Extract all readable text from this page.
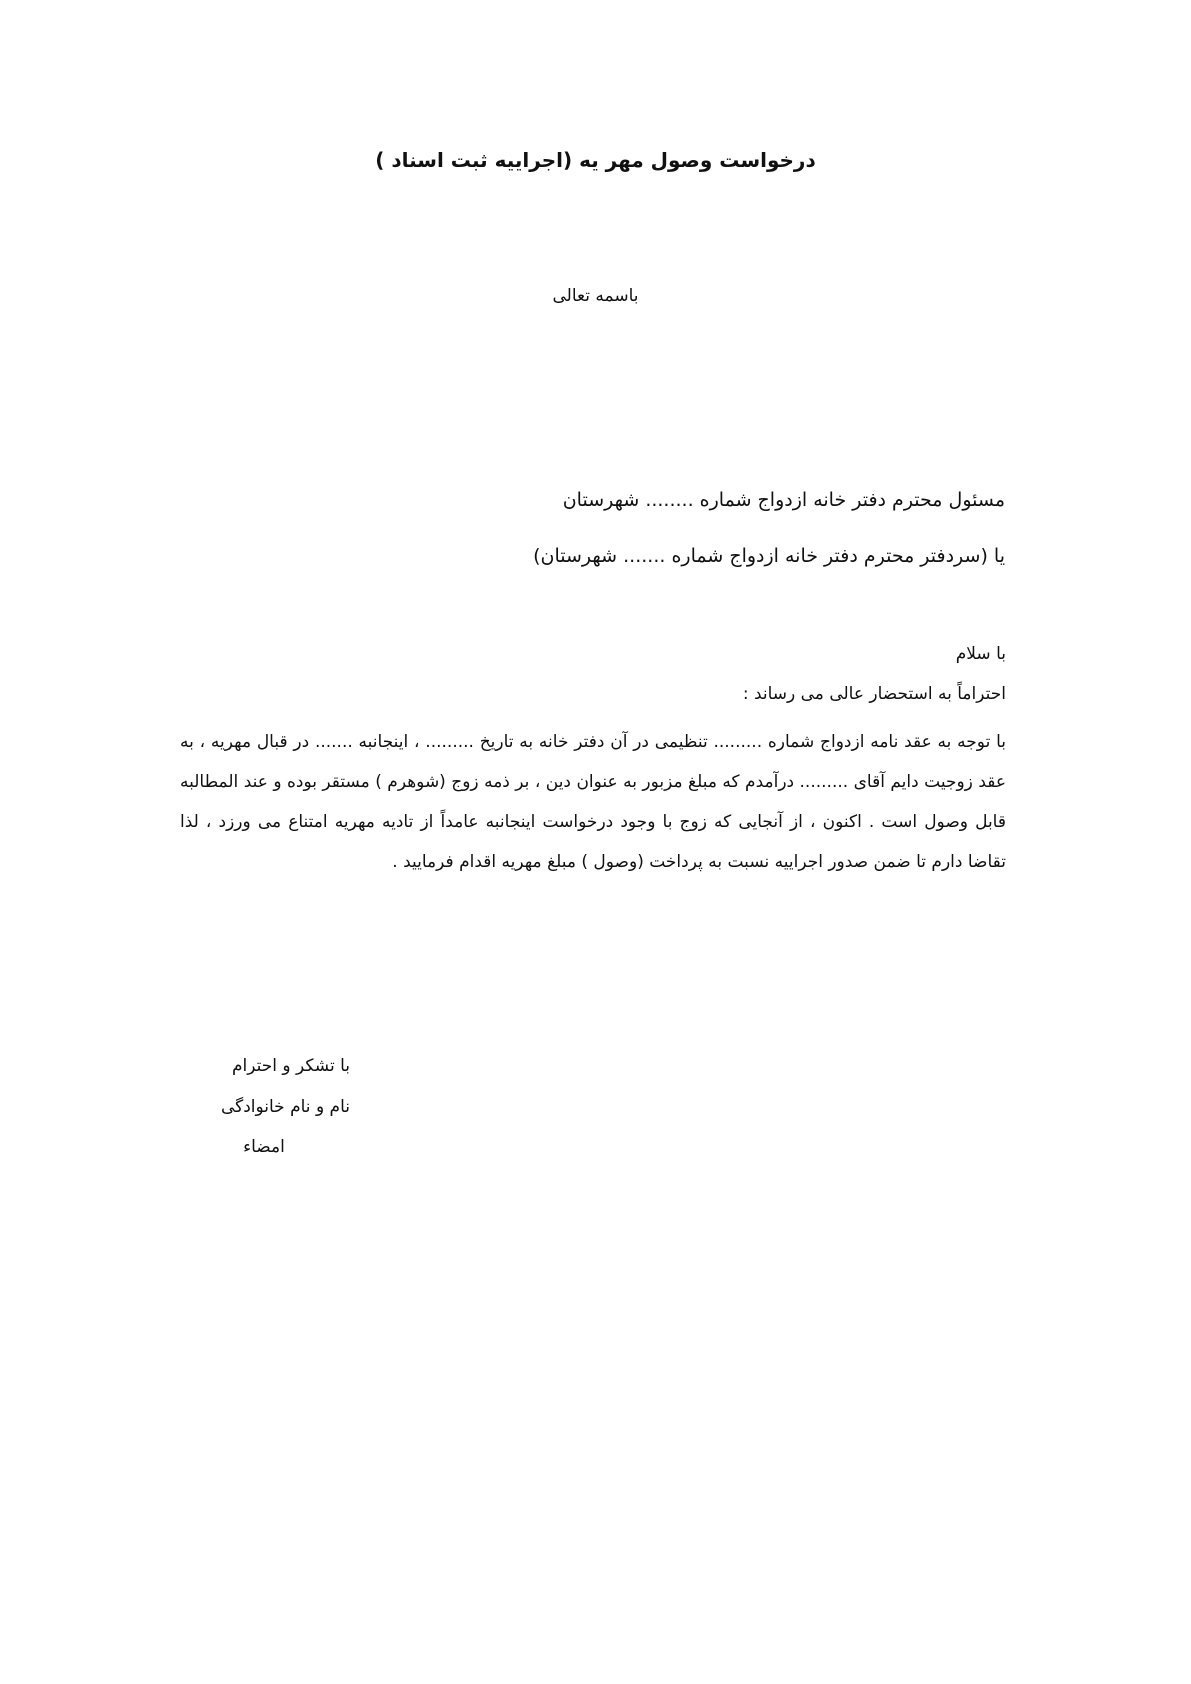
درخواست وصول مهر یه (اجراییه ثبت اسناد )
باسمه تعالی
مسئول محترم دفتر خانه ازدواج شماره ........ شهرستان
یا (سردفتر محترم دفتر خانه ازدواج شماره ....... شهرستان)
با سلام
احتراماً به استحضار عالی می رساند :
با توجه به عقد نامه ازدواج شماره ......... تنظیمی در آن دفتر خانه به تاریخ ......... ، اینجانبه ....... در قبال مهریه ، به عقد زوجیت دایم آقای ......... درآمدم که مبلغ مزبور به عنوان دین ، بر ذمه زوج (شوهرم ) مستقر بوده و عند المطالبه قابل وصول است . اکنون ، از آنجایی که زوج با وجود درخواست اینجانبه عامداً از تادیه مهریه امتناع می ورزد ، لذا تقاضا دارم تا ضمن صدور اجراییه نسبت به پرداخت (وصول ) مبلغ مهریه اقدام فرمایید .
با تشکر و احترام
نام و نام خانوادگی
امضاء
